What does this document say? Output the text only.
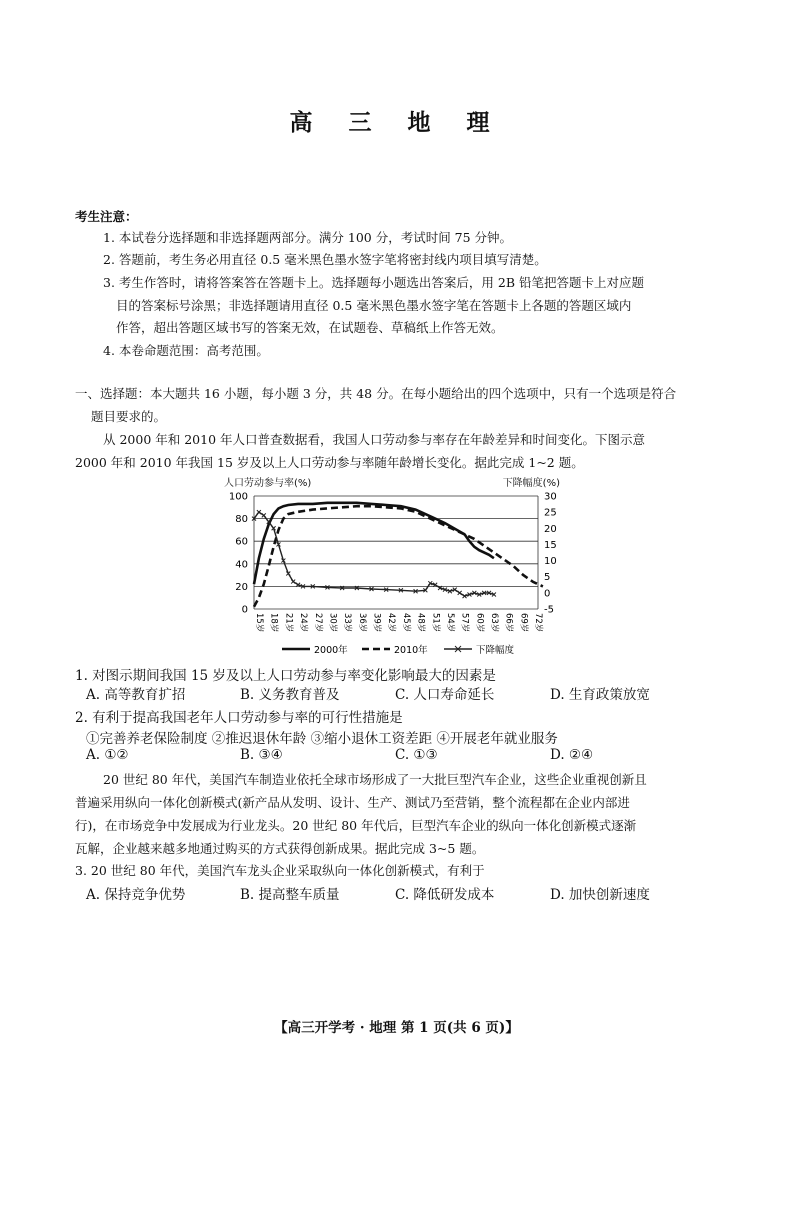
高 三 地 理
考生注意：
1. 本试卷分选择题和非选择题两部分。满分 100 分，考试时间 75 分钟。
2. 答题前，考生务必用直径 0.5 毫米黑色墨水签字笔将密封线内项目填写清楚。
3. 考生作答时，请将答案答在答题卡上。选择题每小题选出答案后，用 2B 铅笔把答题卡上对应题
目的答案标号涂黑；非选择题请用直径 0.5 毫米黑色墨水签字笔在答题卡上各题的答题区域内
作答，超出答题区域书写的答案无效，在试题卷、草稿纸上作答无效。
4. 本卷命题范围：高考范围。
一、选择题：本大题共 16 小题，每小题 3 分，共 48 分。在每小题给出的四个选项中，只有一个选项是符合
题目要求的。
从 2000 年和 2010 年人口普查数据看，我国人口劳动参与率存在年龄差异和时间变化。下图示意
2000 年和 2010 年我国 15 岁及以上人口劳动参与率随年龄增长变化。据此完成 1~2 题。
100
80
60
40
20
0
30
25
20
15
10
5
0
-5
15岁 18岁 21岁 24岁 27岁 30岁 33岁 36岁 39岁 42岁 45岁 48岁 51岁 54岁 57岁 60岁 63岁 66岁 69岁 72岁
2000年	2010年	下降幅度
人口劳动参与率(%)	下降幅度(%)
1. 对图示期间我国 15 岁及以上人口劳动参与率变化影响最大的因素是
A. 高等教育扩招	B. 义务教育普及	C. 人口寿命延长	D. 生育政策放宽
2. 有利于提高我国老年人口劳动参与率的可行性措施是
①完善养老保险制度 ②推迟退休年龄 ③缩小退休工资差距 ④开展老年就业服务
A. ①②	B. ③④	C. ①③	D. ②④
20 世纪 80 年代，美国汽车制造业依托全球市场形成了一大批巨型汽车企业，这些企业重视创新且
普遍采用纵向一体化创新模式(新产品从发明、设计、生产、测试乃至营销，整个流程都在企业内部进
行)，在市场竞争中发展成为行业龙头。20 世纪 80 年代后，巨型汽车企业的纵向一体化创新模式逐渐
瓦解，企业越来越多地通过购买的方式获得创新成果。据此完成 3~5 题。
3. 20 世纪 80 年代，美国汽车龙头企业采取纵向一体化创新模式，有利于
A. 保持竞争优势	B. 提高整车质量	C. 降低研发成本	D. 加快创新速度
【高三开学考 · 地理 第 1 页(共 6 页)】
